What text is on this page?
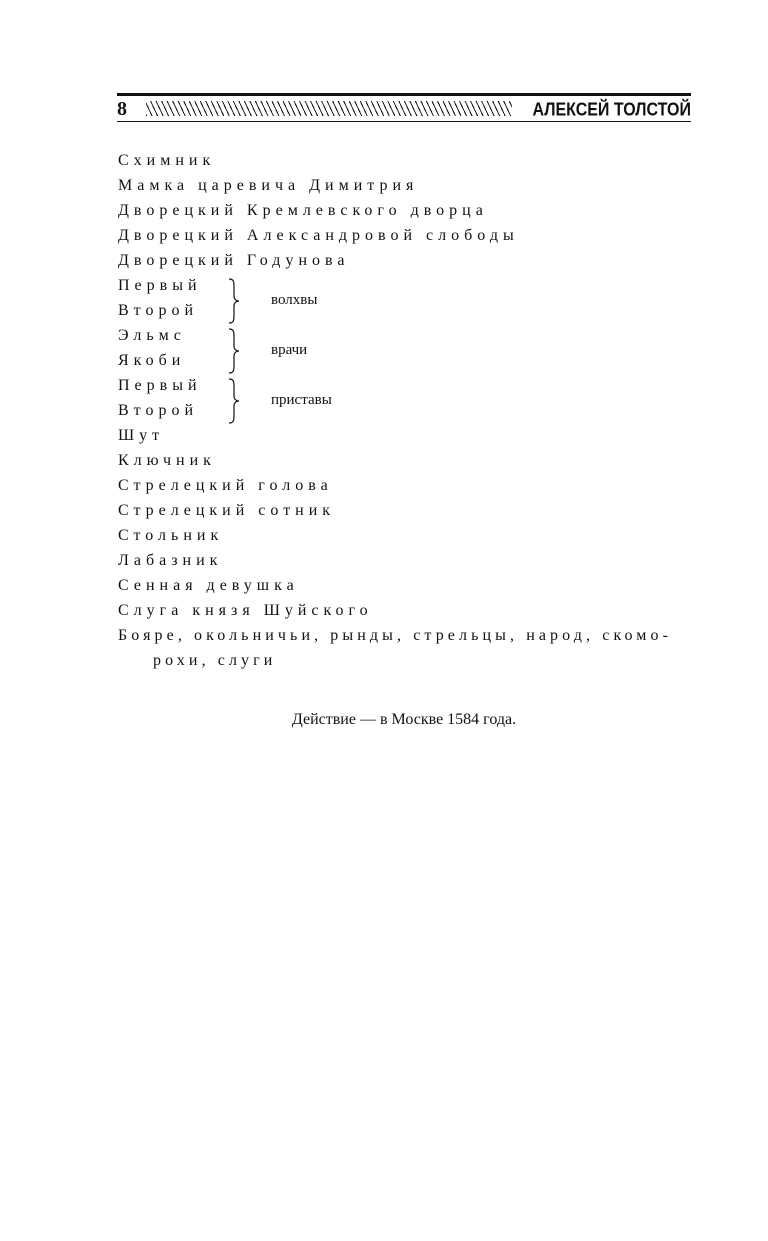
8	АЛЕКСЕЙ ТОЛСТОЙ
Схимник
Мамка царевича Димитрия
Дворецкий Кремлевского дворца
Дворецкий Александровой слободы
Дворецкий Годунова
Первый
Второй
волхвы
Эльмс
Якоби
врачи
Первый
Второй
приставы
Шут
Ключник
Стрелецкий голова
Стрелецкий сотник
Стольник
Лабазник
Сенная девушка
Слуга князя Шуйского
Бояре, окольничьи, рынды, стрельцы, народ, скомо-
рохи, слуги
Действие — в Москве 1584 года.
